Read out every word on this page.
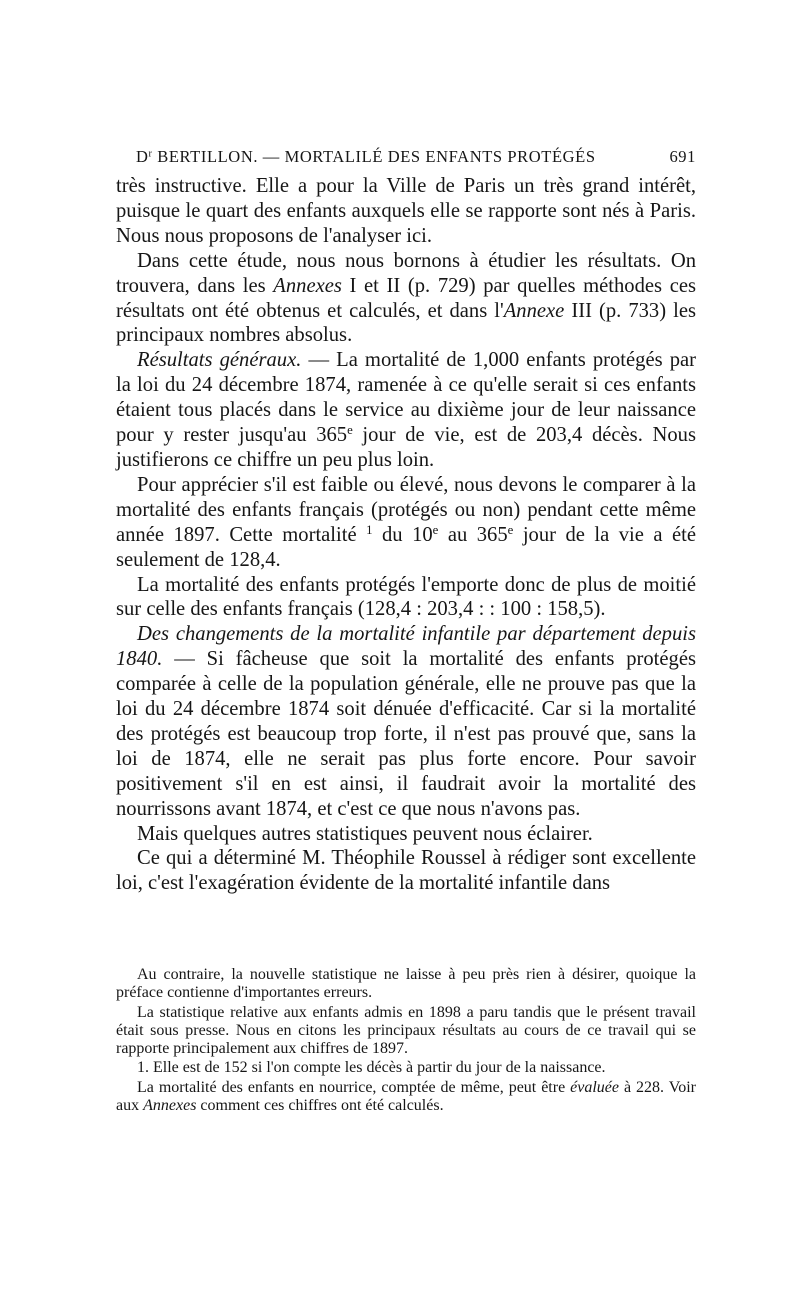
$D^r$ BERTILLON. — MORTALILÉ DES ENFANTS PROTÉGÉS	691

très instructive. Elle a pour la Ville de Paris un très grand intérêt, puisque le quart des enfants auxquels elle se rapporte sont nés à Paris. Nous nous proposons de l'analyser ici.

Dans cette étude, nous nous bornons à étudier les résultats. On trouvera, dans les Annexes I et II (p. 729) par quelles méthodes ces résultats ont été obtenus et calculés, et dans l'Annexe III (p. 733) les principaux nombres absolus.

Résultats généraux. — La mortalité de 1,000 enfants protégés par la loi du 24 décembre 1874, ramenée à ce qu'elle serait si ces enfants étaient tous placés dans le service au dixième jour de leur naissance pour y rester jusqu'au 365e jour de vie, est de 203,4 décès. Nous justifierons ce chiffre un peu plus loin.

Pour apprécier s'il est faible ou élevé, nous devons le comparer à la mortalité des enfants français (protégés ou non) pendant cette même année 1897. Cette mortalité $^1$ du 10e au 365e jour de la vie a été seulement de 128,4.

La mortalité des enfants protégés l'emporte donc de plus de moitié sur celle des enfants français (128,4 : 203,4 : : 100 : 158,5).

Des changements de la mortalité infantile par département depuis 1840. — Si fâcheuse que soit la mortalité des enfants protégés comparée à celle de la population générale, elle ne prouve pas que la loi du 24 décembre 1874 soit dénuée d'efficacité. Car si la mortalité des protégés est beaucoup trop forte, il n'est pas prouvé que, sans la loi de 1874, elle ne serait pas plus forte encore. Pour savoir positivement s'il en est ainsi, il faudrait avoir la mortalité des nourrissons avant 1874, et c'est ce que nous n'avons pas.

Mais quelques autres statistiques peuvent nous éclairer.

Ce qui a déterminé M. Théophile Roussel à rédiger sont excellente loi, c'est l'exagération évidente de la mortalité infantile dans

Au contraire, la nouvelle statistique ne laisse à peu près rien à désirer, quoique la préface contienne d'importantes erreurs.

La statistique relative aux enfants admis en 1898 a paru tandis que le présent travail était sous presse. Nous en citons les principaux résultats au cours de ce travail qui se rapporte principalement aux chiffres de 1897.

1. Elle est de 152 si l'on compte les décès à partir du jour de la naissance.

La mortalité des enfants en nourrice, comptée de même, peut être évaluée à 228. Voir aux Annexes comment ces chiffres ont été calculés.
